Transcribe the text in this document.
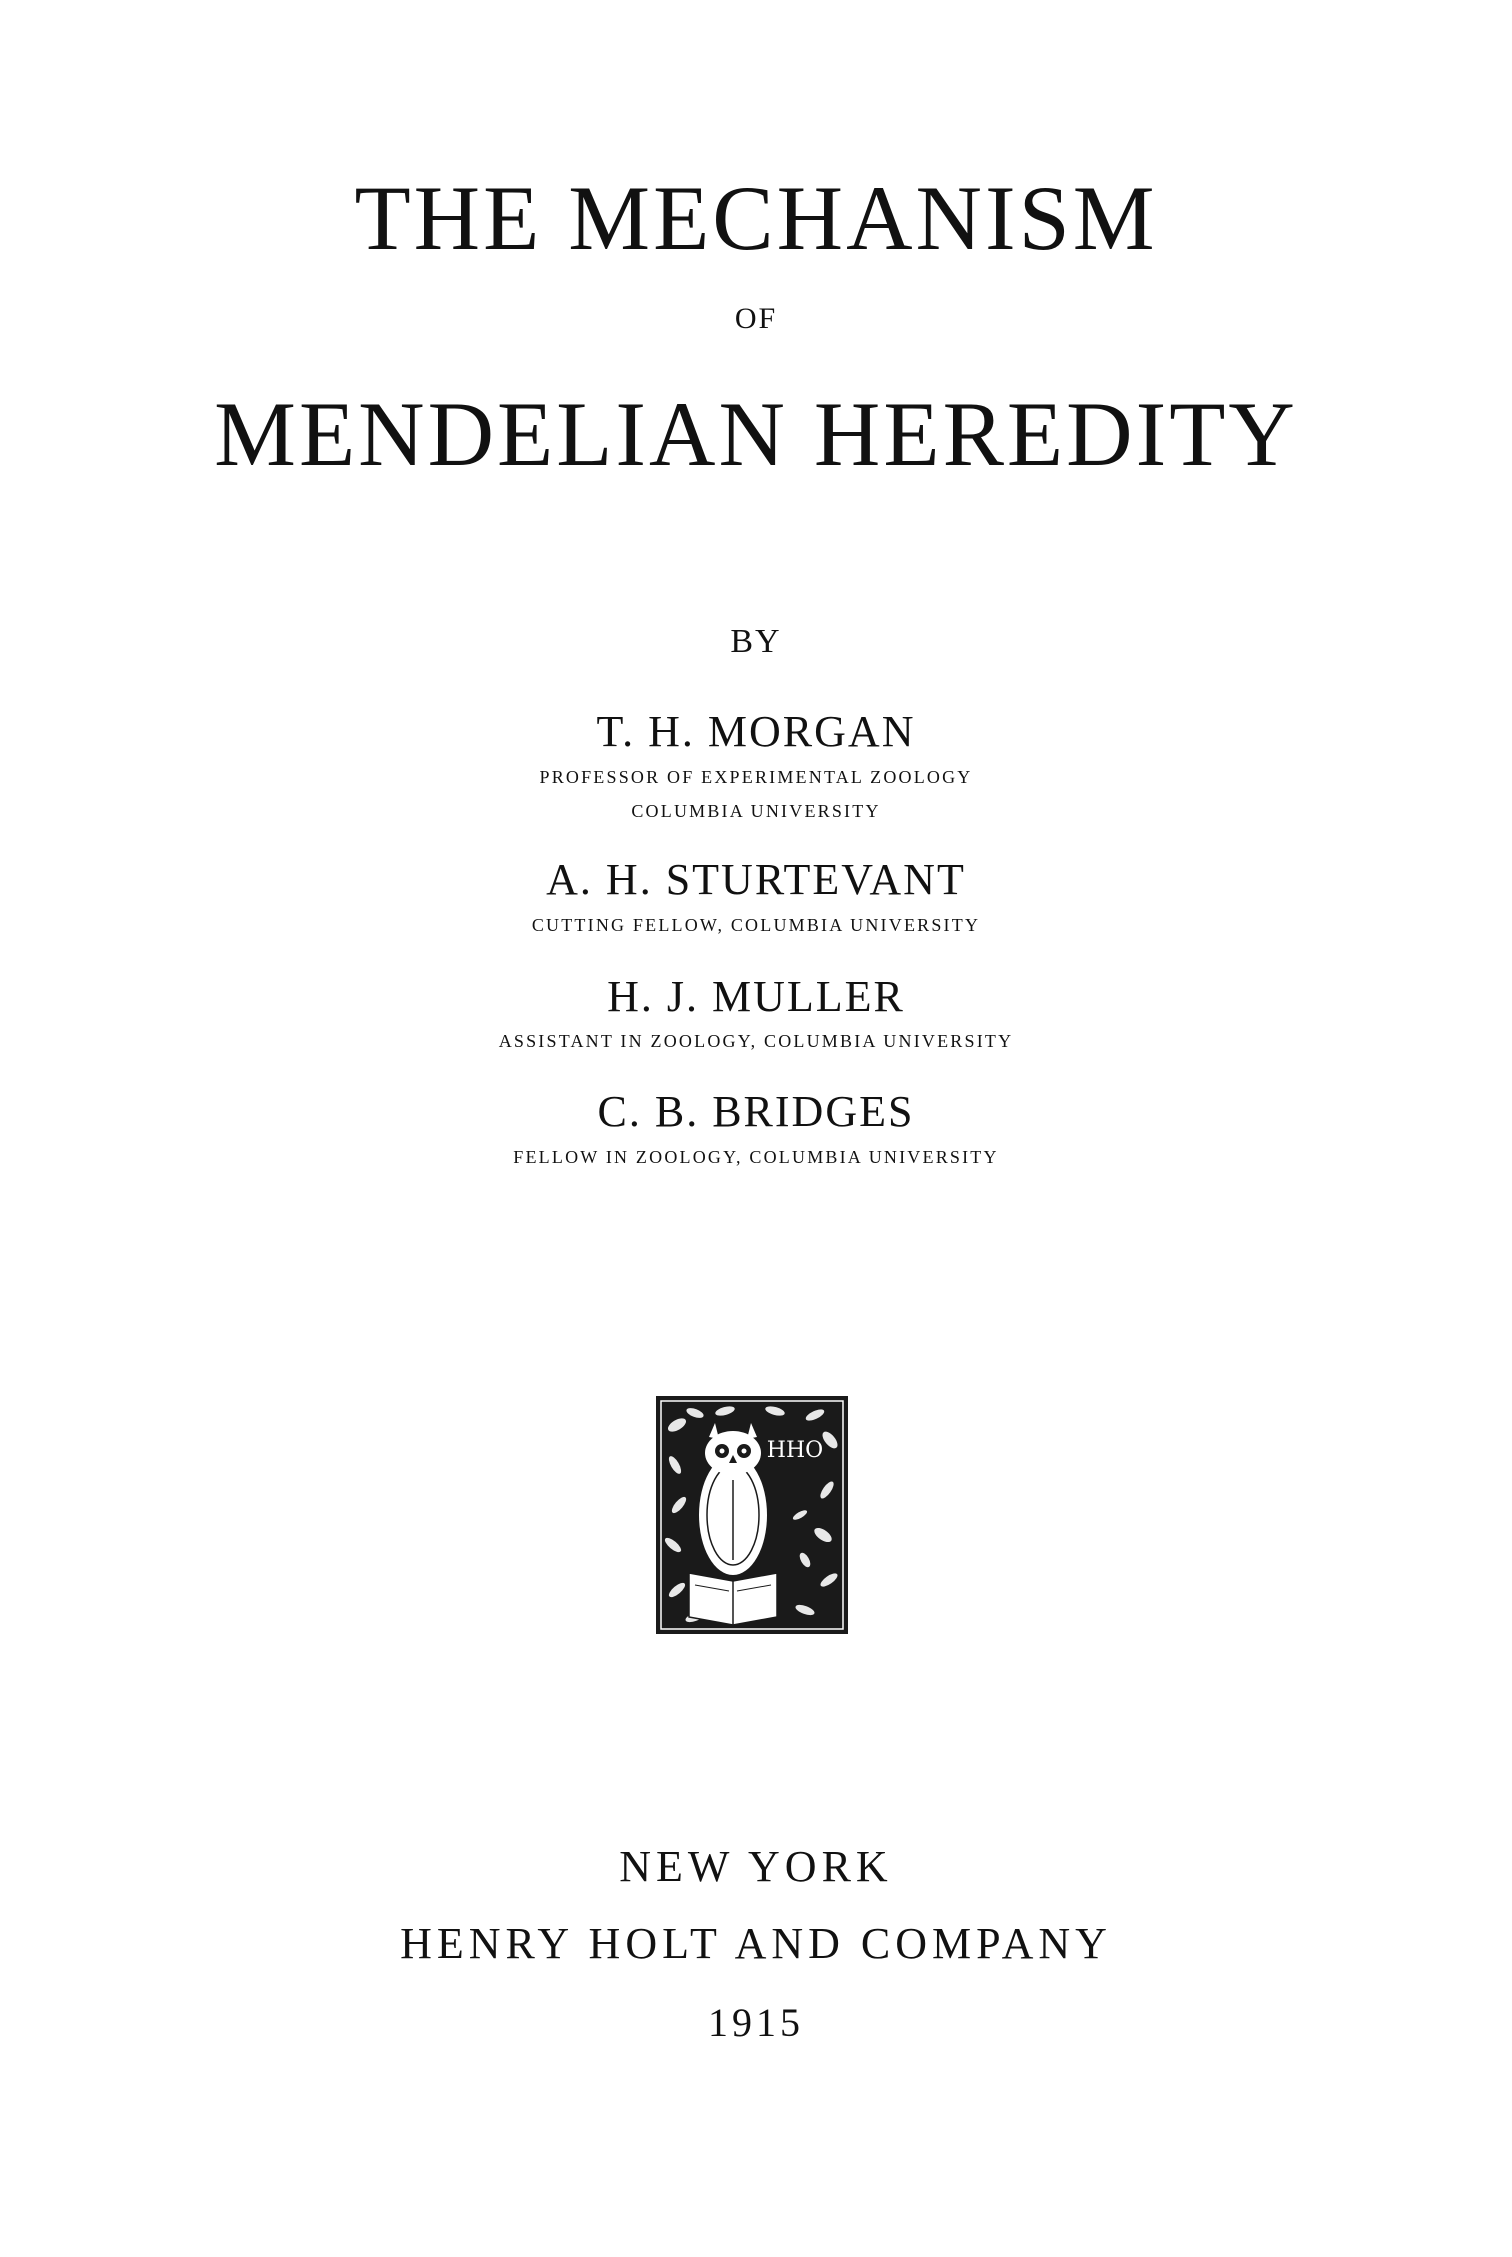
THE MECHANISM
OF
MENDELIAN HEREDITY
BY
T. H. MORGAN
PROFESSOR OF EXPERIMENTAL ZOOLOGY
COLUMBIA UNIVERSITY
A. H. STURTEVANT
CUTTING FELLOW, COLUMBIA UNIVERSITY
H. J. MULLER
ASSISTANT IN ZOOLOGY, COLUMBIA UNIVERSITY
C. B. BRIDGES
FELLOW IN ZOOLOGY, COLUMBIA UNIVERSITY
HHO
NEW YORK
HENRY HOLT AND COMPANY
1915
